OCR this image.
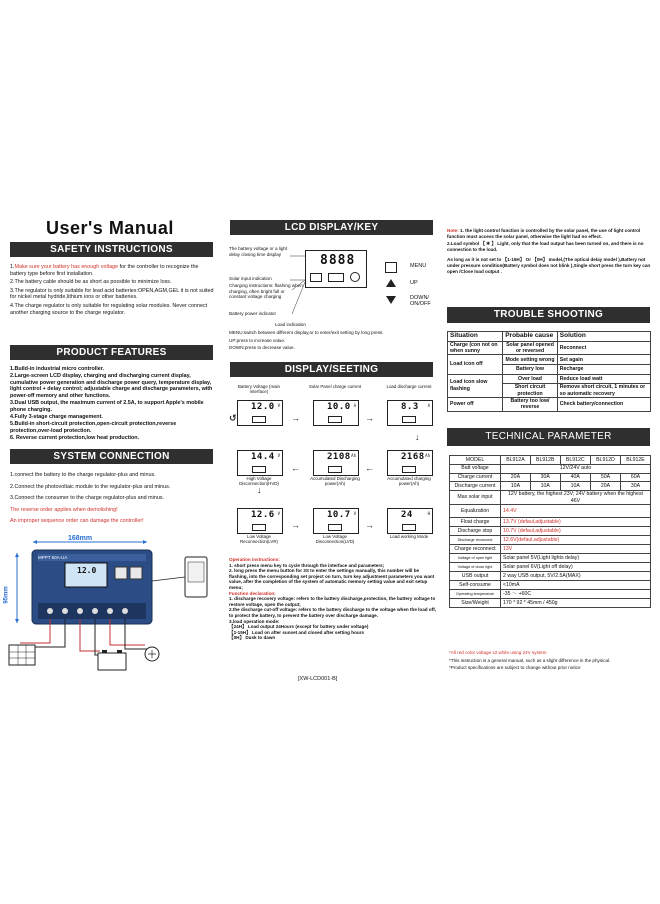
User's Manual
SAFETY INSTRUCTIONS
1.Make sure your battery has enough voltage for the controller to recognize the battery type before first installation.
2.The battery cable should be as short as possible to minimize loss.
3.The regulator is only suitable for lead acid batteries:OPEN,AGM,GEL it is not suited for nickel metal hydride,lithium ions or other batteries.
4.The charge regulator is only suitable for regulating solar modules. Never connect another charging source to the charge regulator.
PRODUCT FEATURES
1.Build-in industrial micro controller.
2.Large-screen LCD display, charging and discharging current display, cumulative power generation and discharge power query, temperature display, light control + delay control; adjustable charge and discharge parameters, with power-off memory and other functions.
3.Dual USB output, the maximum current of 2.5A, to support Apple's mobile phone charging.
4.Fully 3-stage charge management.
5.Build-in short-circuit protection,open-circuit protection,reverse protection,over-load protection.
6. Reverse current protection,low heat production.
SYSTEM CONNECTION
1.connect the battery to the charge regulator-plus and minus.
2.Connect the photovoltaic module to the regulator-plus and minus.
3.Connect the consumer to the charge regulator-plus and minus.
The reverse order applies when demolishing!
An improper sequence order can damage the controller!
168mm
95mm
MPPT 60A-UA
12.0
LCD DISPLAY/KEY
The battery voltage or a light delay closing time display
Solar input indication
Charging instructions: flashing when charging, often bright full or constant voltage charging
Battery power indicator
Load indication
8888	MENU
UP
DOWN/ ON/OFF
MENU:switch between different display,or to enter/exit setting by long press.
UP:press to increase value.
DOWN:press to decrease value.
DISPLAY/SEETING
Battery Voltage (main interface)
12.0 V
Solar Panel charge current
10.0 A
Load discharge current
8.3 A
High Voltage Disconnection(HVD)
14.4 V
Accumulated Discharging power(Ah)
2108 Ah
Accumulated charging power(Ah)
2168 Ah
Low Voltage Reconnection(LVR)
12.6 V
Low Voltage Disconnection(LVD)
10.7 V
Load working Mode
24	H
→	→
↓
←
←
↓
→	→
↺
Operation instructions:
1. short press menu key to cycle through the interface and parameters;
2. long press the menu button for 3S to enter the settings manually, this number will be flashing, into the corresponding set project on turn, turn key adjustment parameters you want value, after the completion of the system of automatic memory setting value and exit setup menu;
Function declaration:
1. discharge recovery voltage: refers to the battery discharge,protection, the battery voltage to restore voltage, open the output;
2.the discharge cut-off voltage: refers to the battery discharge to the voltage when the load off, to protect the battery, to prevent the battery over discharge damage.
3.load operation mode:
【24H】 Load output 24Hours (except for battery under voltage)
【1-15H】 Load on after sunset and closed after setting hours
【0H】 Dusk to dawn
[XW-LCD001-B]
Note: 1. the light control function is controlled by the solar panel, the use of light control function must access the solar panel, otherwise the light had no effect.
2.Load symbol 【 ✱ 】 Light, only that the load output has been turned on, and there is no connection to the load.
As long as it is not set to 【1-15H】 Or 【0H】 model,(The optical delay model ),Battery not under pressure condition(Battery symbol does not blink ),Single short press the turn key can open /Close load output .
TROUBLE SHOOTING
Situation	Probable cause	Solution
Charge (con not on when sunny	Solar panel opened or reversed	Reconnect
Load icon off	Mode setting wrong	Set again
	Battery low	Recharge
Load icon slow flashing	Over load	Reduce load watt
	Short circuit protection	Remove short circuit, 1 minutes or so automatic recovery
Power off	Battery too low/ reverse	Check battery/connection
TECHNICAL PARAMETER
MODEL	BL912A	BL912B	BL912C	BL912D	BL912E
Batt voltage	12V/24V auto				
Charge current	20A	30A	40A	50A	60A
Discharge current	10A	10A	10A	20A	30A
Max solar input	12V battery, the highest 23V; 24V battery when the highest 46V				
Equalization	14.4V				
Float charge	13.7V (defaul,adjustable)				
Discharge stop	10.7V (defaul,adjustable)				
Discharge reconnect	12.6V(defaul,adjustable)				
Charge reconnect	13V				
Voltage of open light	Solar panel 5V(Light lights delay)				
Voltage of close light	Solar panel 6V(Light off delay)				
USB output	2 way USB output, 5V/2.5A(MAX)				
Self-consume	<10mA				
Operating temperature	-35 ～ +60C				
Size/Weight	170 * 92 * 45mm / 450g				
*All red color voltage x2 while using 24V system
*This instruction is a general manual, such as a slight difference in the physical.
*Product specifications are subject to change without prior notice
